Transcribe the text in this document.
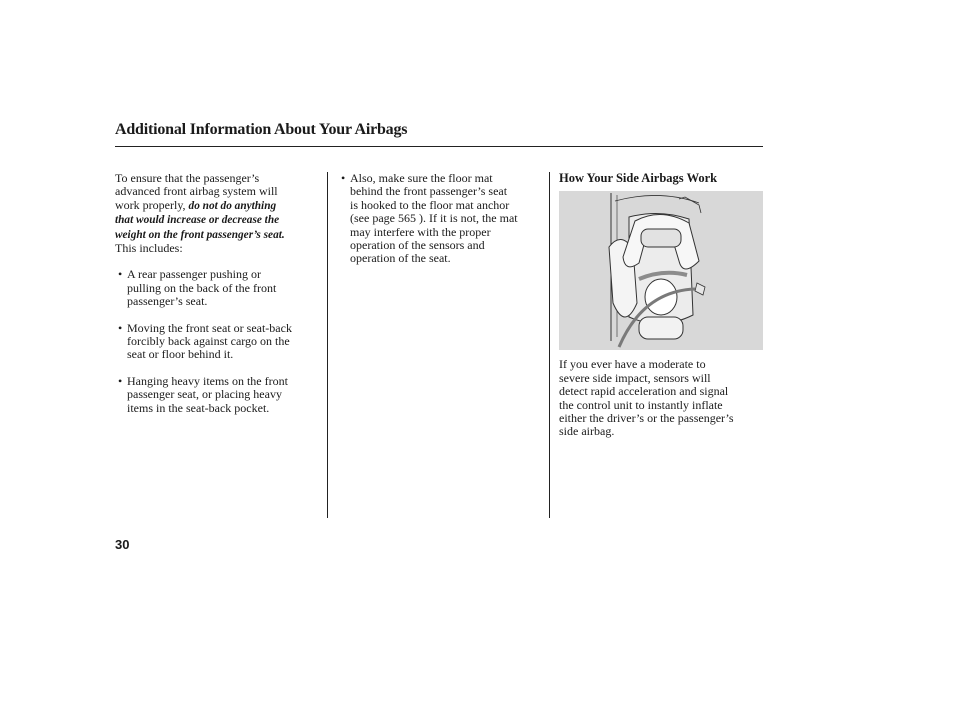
Additional Information About Your Airbags

To ensure that the passenger’s
advanced front airbag system will
work properly, do not do anything
that would increase or decrease the
weight on the front passenger’s seat.
This includes:

• A rear passenger pushing or
pulling on the back of the front
passenger’s seat.
• Moving the front seat or seat-back
forcibly back against cargo on the
seat or floor behind it.
• Hanging heavy items on the front
passenger seat, or placing heavy
items in the seat-back pocket.
• Also, make sure the floor mat
behind the front passenger’s seat
is hooked to the floor mat anchor
(see page 565 ). If it is not, the mat
may interfere with the proper
operation of the sensors and
operation of the seat.
How Your Side Airbags Work

If you ever have a moderate to
severe side impact, sensors will
detect rapid acceleration and signal
the control unit to instantly inflate
either the driver’s or the passenger’s
side airbag.

30
